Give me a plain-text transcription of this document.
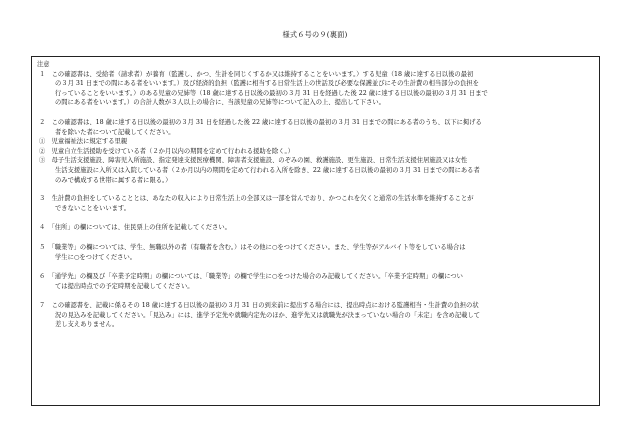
様式６号の９(裏面)
注意
１　この確認書は、受給者（請求者）が養育（監護し、かつ、生計を同じくするか又は維持することをいいます。）する児童（18 歳に達する日以後の最初
の３月 31 日までの間にある者をいいます。）及び経済的負担（監護に相当する日常生活上の世話及び必要な保護並びにその生計費の相当部分の負担を
行っていることをいいます。）のある児童の兄姉等（18 歳に達する日以後の最初の３月 31 日を経過した後 22 歳に達する日以後の最初の３月 31 日まで
の間にある者をいいます。）の合計人数が３人以上の場合に、当該児童の兄姉等について記入の上、提出して下さい。
２　この確認書は、18 歳に達する日以後の最初の３月 31 日を経過した後 22 歳に達する日以後の最初の３月 31 日までの間にある者のうち、以下に掲げる
者を除いた者について記載してください。
①　児童福祉法に規定する里親
②　児童自立生活援助を受けている者（２か月以内の期間を定めて行われる援助を除く。）
③　母子生活支援施設、障害児入所施設、指定発達支援医療機関、障害者支援施設、のぞみの園、救護施設、更生施設、日常生活支援住居施設又は女性
生活支援施設に入所又は入院している者（２か月以内の期間を定めて行われる入所を除き、22 歳に達する日以後の最初の３月 31 日までの間にある者
のみで構成する世帯に属する者に限る。）
３　生計費の負担をしていることとは、あなたの収入により日常生活上の全部又は一部を営んでおり、かつこれを欠くと通常の生活水準を維持することが
できないことをいいます。
４　「住所」の欄については、住民票上の住所を記載してください。
５　「職業等」の欄については、学生、無職以外の者（有職者を含む。）はその他に○をつけてください。また、学生等がアルバイト等をしている場合は
学生に○をつけてください。
６　「通学先」の欄及び「卒業予定時期」の欄については、「職業等」の欄で学生に○をつけた場合のみ記載してください。「卒業予定時期」の欄につい
ては提出時点での予定時期を記載してください。
７　この確認書を、記載に係るその 18 歳に達する日以後の最初の３月 31 日の到来前に提出する場合には、提出時点における監護相当・生計費の負担の状
況の見込みを記載してください。「見込み」には、進学予定先や就職内定先のほか、進学先又は就職先が決まっていない場合の「未定」を含め記載して
差し支えありません。
